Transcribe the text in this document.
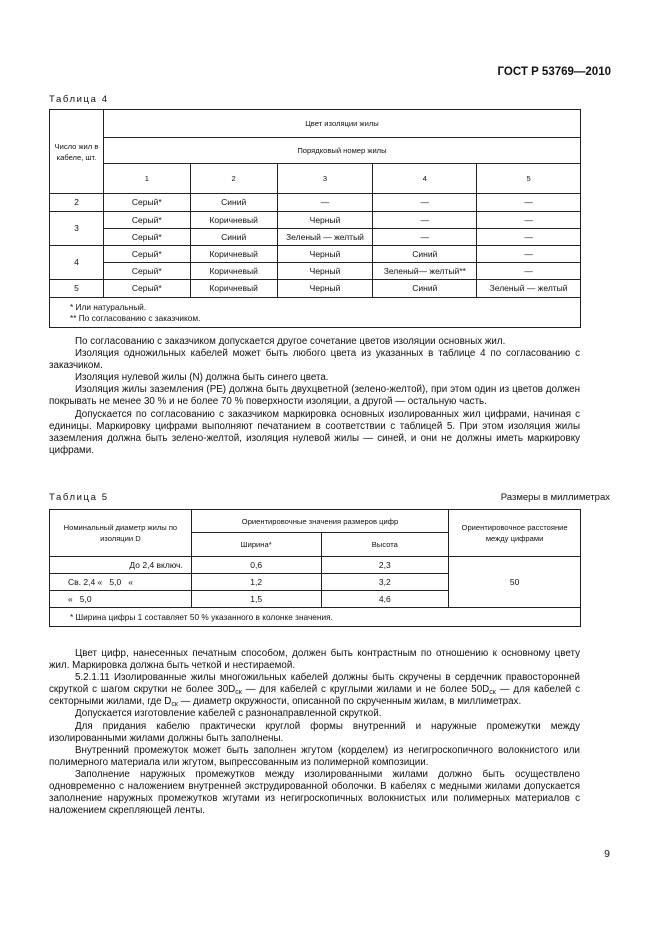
ГОСТ Р 53769—2010
Таблица 4
Число жил в кабеле, шт.	Цвет изоляции жилы				
	Порядковый номер жилы				
	1	2	3	4	5
2	Серый*	Синий	—	—	—
3	Серый*	Коричневый	Черный	—	—
	Серый*	Синий	Зеленый — желтый	—	—
4	Серый*	Коричневый	Черный	Синий	—
	Серый*	Коричневый	Черный	Зеленый— желтый**	—
5	Серый*	Коричневый	Черный	Синий	Зеленый — желтый

* Или натуральный.
** По согласованию с заказчиком.					

По согласованию с заказчиком допускается другое сочетание цветов изоляции основных жил.

Изоляция одножильных кабелей может быть любого цвета из указанных в таблице 4 по согласованию с заказчиком.

Изоляция нулевой жилы (N) должна быть синего цвета.

Изоляция жилы заземления (PE) должна быть двухцветной (зелено-желтой), при этом один из цветов должен покрывать не менее 30 % и не более 70 % поверхности изоляции, а другой — остальную часть.

Допускается по согласованию с заказчиком маркировка основных изолированных жил цифрами, начиная с единицы. Маркировку цифрами выполняют печатанием в соответствии с таблицей 5. При этом изоляция жилы заземления должна быть зелено-желтой, изоляция нулевой жилы — синей, и они не должны иметь маркировку цифрами.

Таблица 5	Размеры в миллиметрах
Номинальный диаметр жилы по изоляции D	Ориентировочные значения размеров цифр		Ориентировочное расстояние между цифрами
	Ширина*	Высота	
До 2,4 включ.	0,6	2,3	50
Св. 2,4 «   5,0   «	1,2	3,2	
«   5,0	1,5	4,6	
* Ширина цифры 1 составляет 50 % указанного в колонке значения.			

Цвет цифр, нанесенных печатным способом, должен быть контрастным по отношению к основному цвету жил. Маркировка должна быть четкой и нестираемой.

5.2.1.11 Изолированные жилы многожильных кабелей должны быть скручены в сердечник правосторонней скруткой с шагом скрутки не более $30D_{ск}$ — для кабелей с круглыми жилами и не более $50D_{ск}$ — для кабелей с секторными жилами, где $D_{ск}$ — диаметр окружности, описанной по скрученным жилам, в миллиметрах.

Допускается изготовление кабелей с разнонаправленной скруткой.

Для придания кабелю практически круглой формы внутренний и наружные промежутки между изолированными жилами должны быть заполнены.

Внутренний промежуток может быть заполнен жгутом (корделем) из негигроскопичного волокнистого или полимерного материала или жгутом, выпрессованным из полимерной композиции.

Заполнение наружных промежутков между изолированными жилами должно быть осуществлено одновременно с наложением внутренней экструдированной оболочки. В кабелях с медными жилами допускается заполнение наружных промежутков жгутами из негигроскопичных волокнистых или полимерных материалов с наложением скрепляющей ленты.

9
